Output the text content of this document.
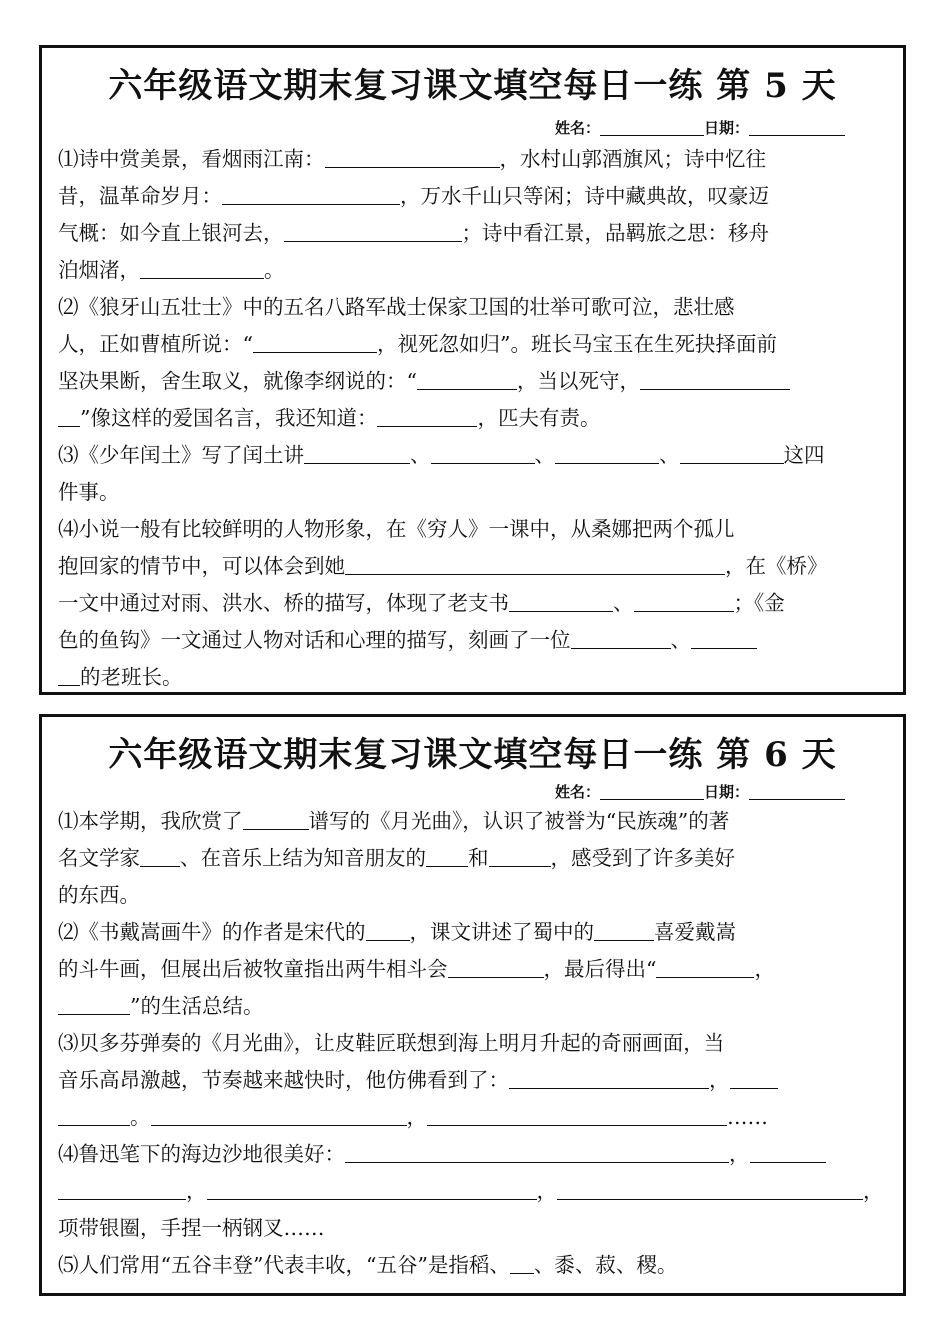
六年级语文期末复习课文填空每日一练 第 5 天
姓名：	日期：
⑴诗中赏美景，看烟雨江南：	，水村山郭酒旗风；诗中忆往
昔，温革命岁月：	，万水千山只等闲；诗中藏典故，叹豪迈
气概：如今直上银河去，	；诗中看江景，品羁旅之思：移舟
泊烟渚，	。
⑵《狼牙山五壮士》中的五名八路军战士保家卫国的壮举可歌可泣，悲壮感
人，正如曹植所说：“	，视死忽如归”。班长马宝玉在生死抉择面前
坚决果断，舍生取义，就像李纲说的：“	，当以死守，
”像这样的爱国名言，我还知道：	，匹夫有责。
⑶《少年闰土》写了闰土讲	、	、	、	这四
件事。
⑷小说一般有比较鲜明的人物形象，在《穷人》一课中，从桑娜把两个孤儿
抱回家的情节中，可以体会到她	，在《桥》
一文中通过对雨、洪水、桥的描写，体现了老支书	、	；《金
色的鱼钩》一文通过人物对话和心理的描写，刻画了一位	、
的老班长。
六年级语文期末复习课文填空每日一练 第 6 天
姓名：	日期：
⑴本学期，我欣赏了	谱写的《月光曲》，认识了被誉为“民族魂”的著
名文学家 、在音乐上结为知音朋友的 和	，感受到了许多美好
的东西。
⑵《书戴嵩画牛》的作者是宋代的 ，课文讲述了蜀中的	喜爱戴嵩
的斗牛画，但展出后被牧童指出两牛相斗会	，最后得出“	，
”的生活总结。
⑶贝多芬弹奏的《月光曲》，让皮鞋匠联想到海上明月升起的奇丽画面，当
音乐高昂激越，节奏越来越快时，他仿佛看到了：	，
。	，	……
⑷鲁迅笔下的海边沙地很美好：	，
，	，	，
项带银圈，手捏一柄钢叉……
⑸人们常用“五谷丰登”代表丰收，“五谷”是指稻、 、黍、菽、稷。
